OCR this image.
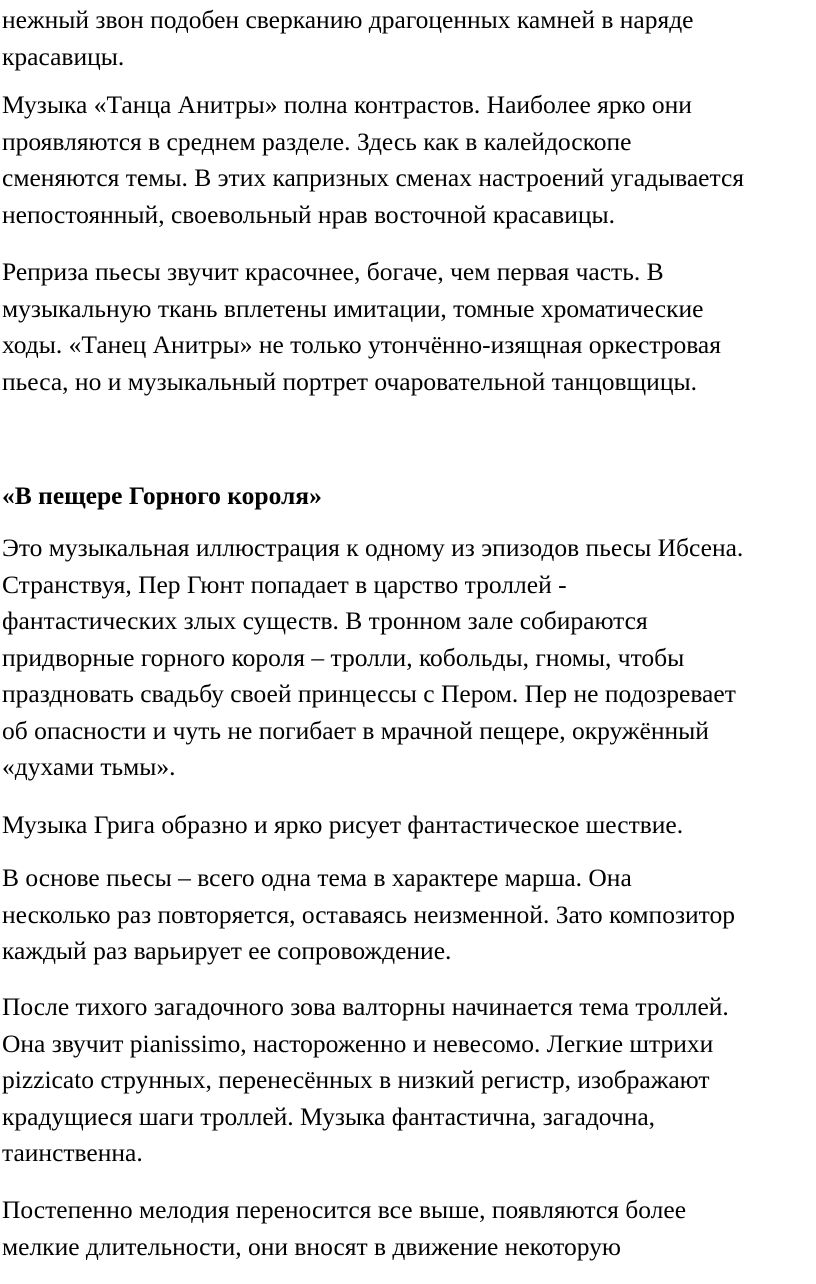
нежный звон подобен сверканию драгоценных камней в наряде
красавицы.

Музыка «Танца Анитры» полна контрастов. Наиболее ярко они
проявляются в среднем разделе. Здесь как в калейдоскопе
сменяются темы. В этих капризных сменах настроений угадывается
непостоянный, своевольный нрав восточной красавицы.

Реприза пьесы звучит красочнее, богаче, чем первая часть. В
музыкальную ткань вплетены имитации, томные хроматические
ходы. «Танец Анитры» не только утончённо-изящная оркестровая
пьеса, но и музыкальный портрет очаровательной танцовщицы.

«В пещере Горного короля»

Это музыкальная иллюстрация к одному из эпизодов пьесы Ибсена.
Странствуя, Пер Гюнт попадает в царство троллей -
фантастических злых существ. В тронном зале собираются
придворные горного короля – тролли, кобольды, гномы, чтобы
праздновать свадьбу своей принцессы с Пером. Пер не подозревает
об опасности и чуть не погибает в мрачной пещере, окружённый
«духами тьмы».

Музыка Грига образно и ярко рисует фантастическое шествие.

В основе пьесы – всего одна тема в характере марша. Она
несколько раз повторяется, оставаясь неизменной. Зато композитор
каждый раз варьирует ее сопровождение.

После тихого загадочного зова валторны начинается тема троллей.
Она звучит pianissimo, настороженно и невесомо. Легкие штрихи
pizzicato струнных, перенесённых в низкий регистр, изображают
крадущиеся шаги троллей. Музыка фантастична, загадочна,
таинственна.

Постепенно мелодия переносится все выше, появляются более
мелкие длительности, они вносят в движение некоторую
